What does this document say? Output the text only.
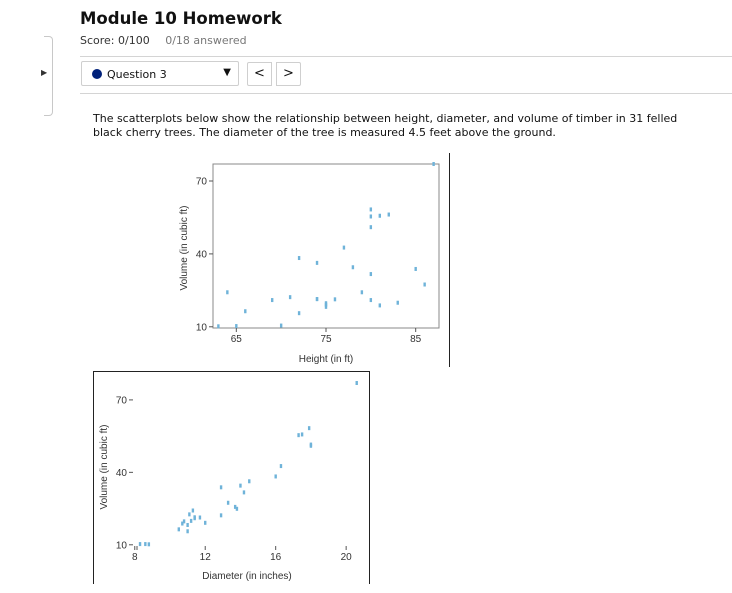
▶
Module 10 Homework
Score: 0/100 0/18 answered
Question 3	▼	<	>
The scatterplots below show the relationship between height, diameter, and volume of timber in 31 felled black cherry trees. The diameter of the tree is measured 4.5 feet above the ground.
10
40
70
65	75	85
Height (in ft)
Volume (in cubic ft)
10
40
70
8	12	16	20
Diameter (in inches)
Volume (in cubic ft)
